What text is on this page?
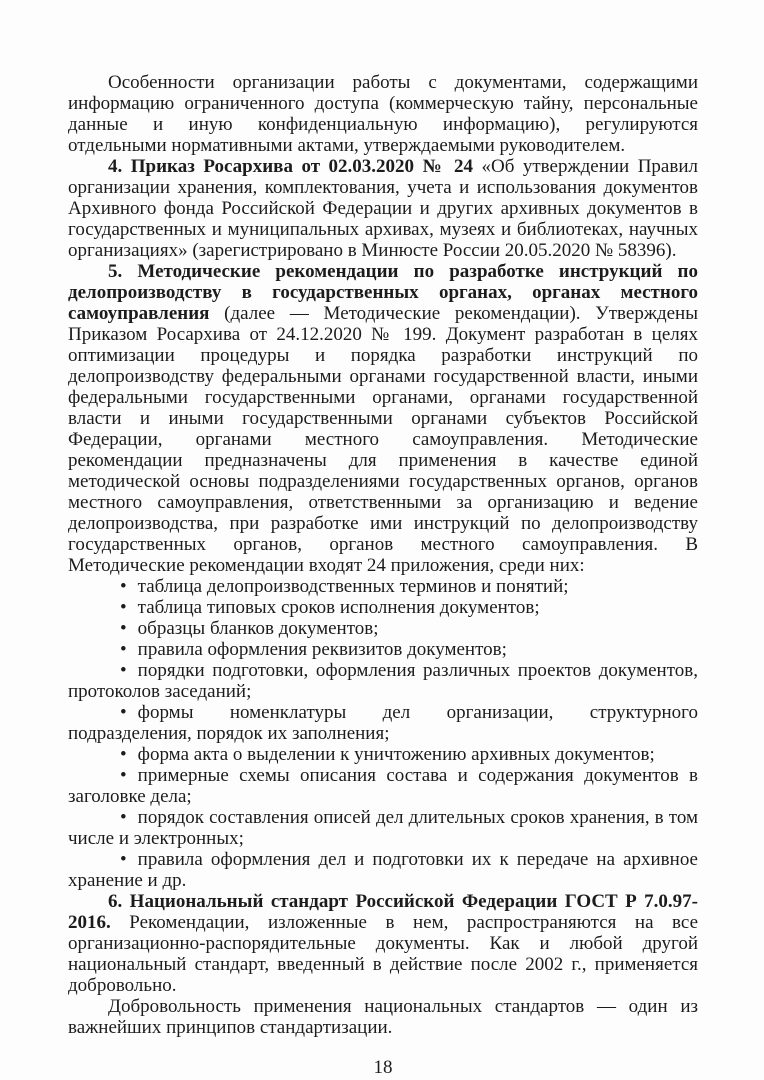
Особенности организации работы с документами, содержащими информацию ограниченного доступа (коммерческую тайну, персональные данные и иную конфиденциальную информацию), регулируются отдельными нормативными актами, утверждаемыми руководителем.

4. Приказ Росархива от 02.03.2020 № 24 «Об утверждении Правил организации хранения, комплектования, учета и использования документов Архивного фонда Российской Федерации и других архивных документов в государственных и муниципальных архивах, музеях и библиотеках, научных организациях» (зарегистрировано в Минюсте России 20.05.2020 № 58396).

5. Методические рекомендации по разработке инструкций по делопроизводству в государственных органах, органах местного самоуправления (далее — Методические рекомендации). Утверждены Приказом Росархива от 24.12.2020 № 199. Документ разработан в целях оптимизации процедуры и порядка разработки инструкций по делопроизводству федеральными органами государственной власти, иными федеральными государственными органами, органами государственной власти и иными государственными органами субъектов Российской Федерации, органами местного самоуправления. Методические рекомендации предназначены для применения в качестве единой методической основы подразделениями государственных органов, органов местного самоуправления, ответственными за организацию и ведение делопроизводства, при разработке ими инструкций по делопроизводству государственных органов, органов местного самоуправления. В Методические рекомендации входят 24 приложения, среди них:

• таблица делопроизводственных терминов и понятий;

• таблица типовых сроков исполнения документов;

• образцы бланков документов;

• правила оформления реквизитов документов;

• порядки подготовки, оформления различных проектов документов, протоколов заседаний;

• формы номенклатуры дел организации, структурного подразделения, порядок их заполнения;

• форма акта о выделении к уничтожению архивных документов;

• примерные схемы описания состава и содержания документов в заголовке дела;

• порядок составления описей дел длительных сроков хранения, в том числе и электронных;

• правила оформления дел и подготовки их к передаче на архивное хранение и др.

6. Национальный стандарт Российской Федерации ГОСТ Р 7.0.97-2016. Рекомендации, изложенные в нем, распространяются на все организационно-распорядительные документы. Как и любой другой национальный стандарт, введенный в действие после 2002 г., применяется добровольно.

Добровольность применения национальных стандартов — один из важнейших принципов стандартизации.

18
